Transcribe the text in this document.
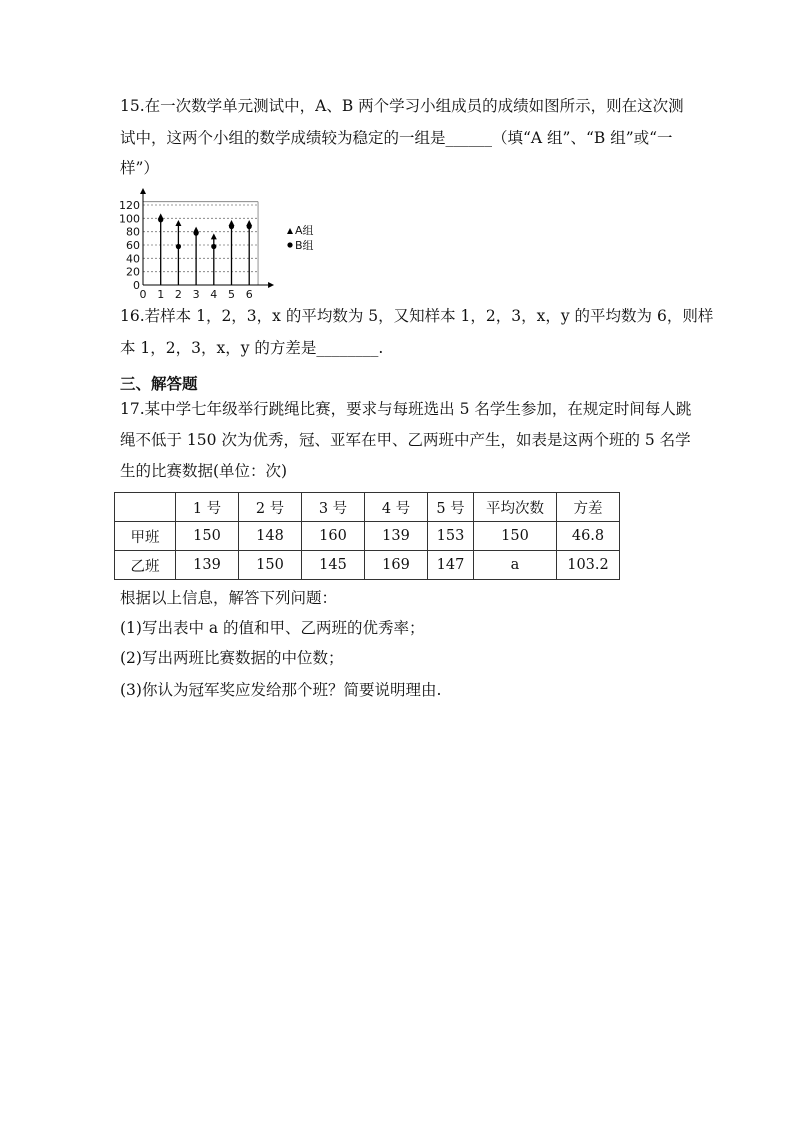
15.在一次数学单元测试中，A、B 两个学习小组成员的成绩如图所示，则在这次测
试中，这两个小组的数学成绩较为稳定的一组是______（填“A 组”、“B 组”或“一
样”）
0
20
40
60
80
100
120
0 1 2 3 4 5 6
A组
B组
16.若样本 1，2，3，x 的平均数为 5，又知样本 1，2，3，x，y 的平均数为 6，则样
本 1，2，3，x，y 的方差是________.
三、解答题
17.某中学七年级举行跳绳比赛，要求与每班选出 5 名学生参加，在规定时间每人跳
绳不低于 150 次为优秀，冠、亚军在甲、乙两班中产生，如表是这两个班的 5 名学
生的比赛数据(单位：次)
	1 号	2 号	3 号	4 号	5 号	平均次数	方差
甲班	150	148	160	139	153	150	46.8
乙班	139	150	145	169	147	a	103.2
根据以上信息，解答下列问题：
(1)写出表中 a 的值和甲、乙两班的优秀率；
(2)写出两班比赛数据的中位数；
(3)你认为冠军奖应发给那个班？简要说明理由.
